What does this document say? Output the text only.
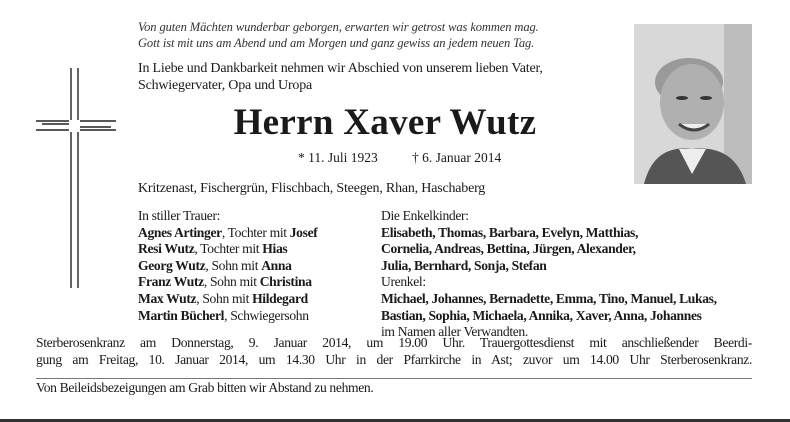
Von guten Mächten wunderbar geborgen, erwarten wir getrost was kommen mag.
Gott ist mit uns am Abend und am Morgen und ganz gewiss an jedem neuen Tag.
In Liebe und Dankbarkeit nehmen wir Abschied von unserem lieben Vater,
Schwiegervater, Opa und Uropa
Herrn Xaver Wutz
* 11. Juli 1923	† 6. Januar 2014
Kritzenast, Fischergrün, Flischbach, Steegen, Rhan, Haschaberg
In stiller Trauer:
Agnes Artinger, Tochter mit Josef
Resi Wutz, Tochter mit Hias
Georg Wutz, Sohn mit Anna
Franz Wutz, Sohn mit Christina
Max Wutz, Sohn mit Hildegard
Martin Bücherl, Schwiegersohn
Die Enkelkinder:
Elisabeth, Thomas, Barbara, Evelyn, Matthias,
Cornelia, Andreas, Bettina, Jürgen, Alexander,
Julia, Bernhard, Sonja, Stefan
Urenkel:
Michael, Johannes, Bernadette, Emma, Tino, Manuel, Lukas,
Bastian, Sophia, Michaela, Annika, Xaver, Anna, Johannes
im Namen aller Verwandten.
Sterberosenkranz am Donnerstag, 9. Januar 2014, um 19.00 Uhr. Trauergottesdienst mit anschließender Beerdi-
gung am Freitag, 10. Januar 2014, um 14.30 Uhr in der Pfarrkirche in Ast; zuvor um 14.00 Uhr Sterberosenkranz.
Von Beileidsbezeigungen am Grab bitten wir Abstand zu nehmen.
